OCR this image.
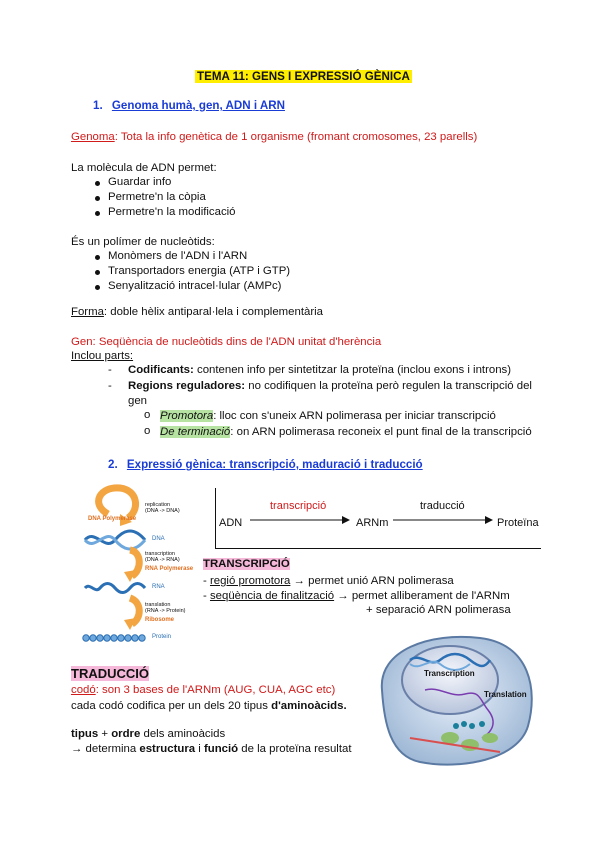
TEMA 11: GENS I EXPRESSIÓ GÈNICA
1. Genoma humà, gen, ADN i ARN
Genoma: Tota la info genètica de 1 organisme (fromant cromosomes, 23 parells)
La molècula de ADN permet:
Guardar info
Permetre'n la còpia
Permetre'n la modificació
És un polímer de nucleòtids:
Monòmers de l'ADN i l'ARN
Transportadors energia (ATP i GTP)
Senyalització intracel·lular (AMPc)
Forma: doble hèlix antiparal·lela i complementària
Gen: Seqüència de nucleòtids dins de l'ADN unitat d'herència
Inclou parts:
- Codificants: contenen info per sintetitzar la proteïna (inclou exons i introns)
- Regions reguladores: no codifiquen la proteïna però regulen la transcripció del
gen
o Promotora: lloc con s'uneix ARN polimerasa per iniciar transcripció
o De terminació: on ARN polimerasa reconeix el punt final de la transcripció
2. Expressió gènica: transcripció, maduració i traducció
replication
(DNA -> DNA)
DNA Polymerase
DNA
transcription
(DNA -> RNA)
RNA Polymerase
RNA
translation
(RNA -> Protein)
Ribosome
Protein
ADN
transcripció
ARNm
traducció
Proteïna
TRANSCRIPCIÓ
- regió promotora → permet unió ARN polimerasa
- seqüència de finalització → permet alliberament de l'ARNm
+ separació ARN polimerasa
TRADUCCIÓ
codó: son 3 bases de l'ARNm (AUG, CUA, AGC etc)
cada codó codifica per un dels 20 tipus d'aminoàcids.
tipus + ordre dels aminoàcids
→ determina estructura i funció de la proteïna resultat
Transcription
Translation
